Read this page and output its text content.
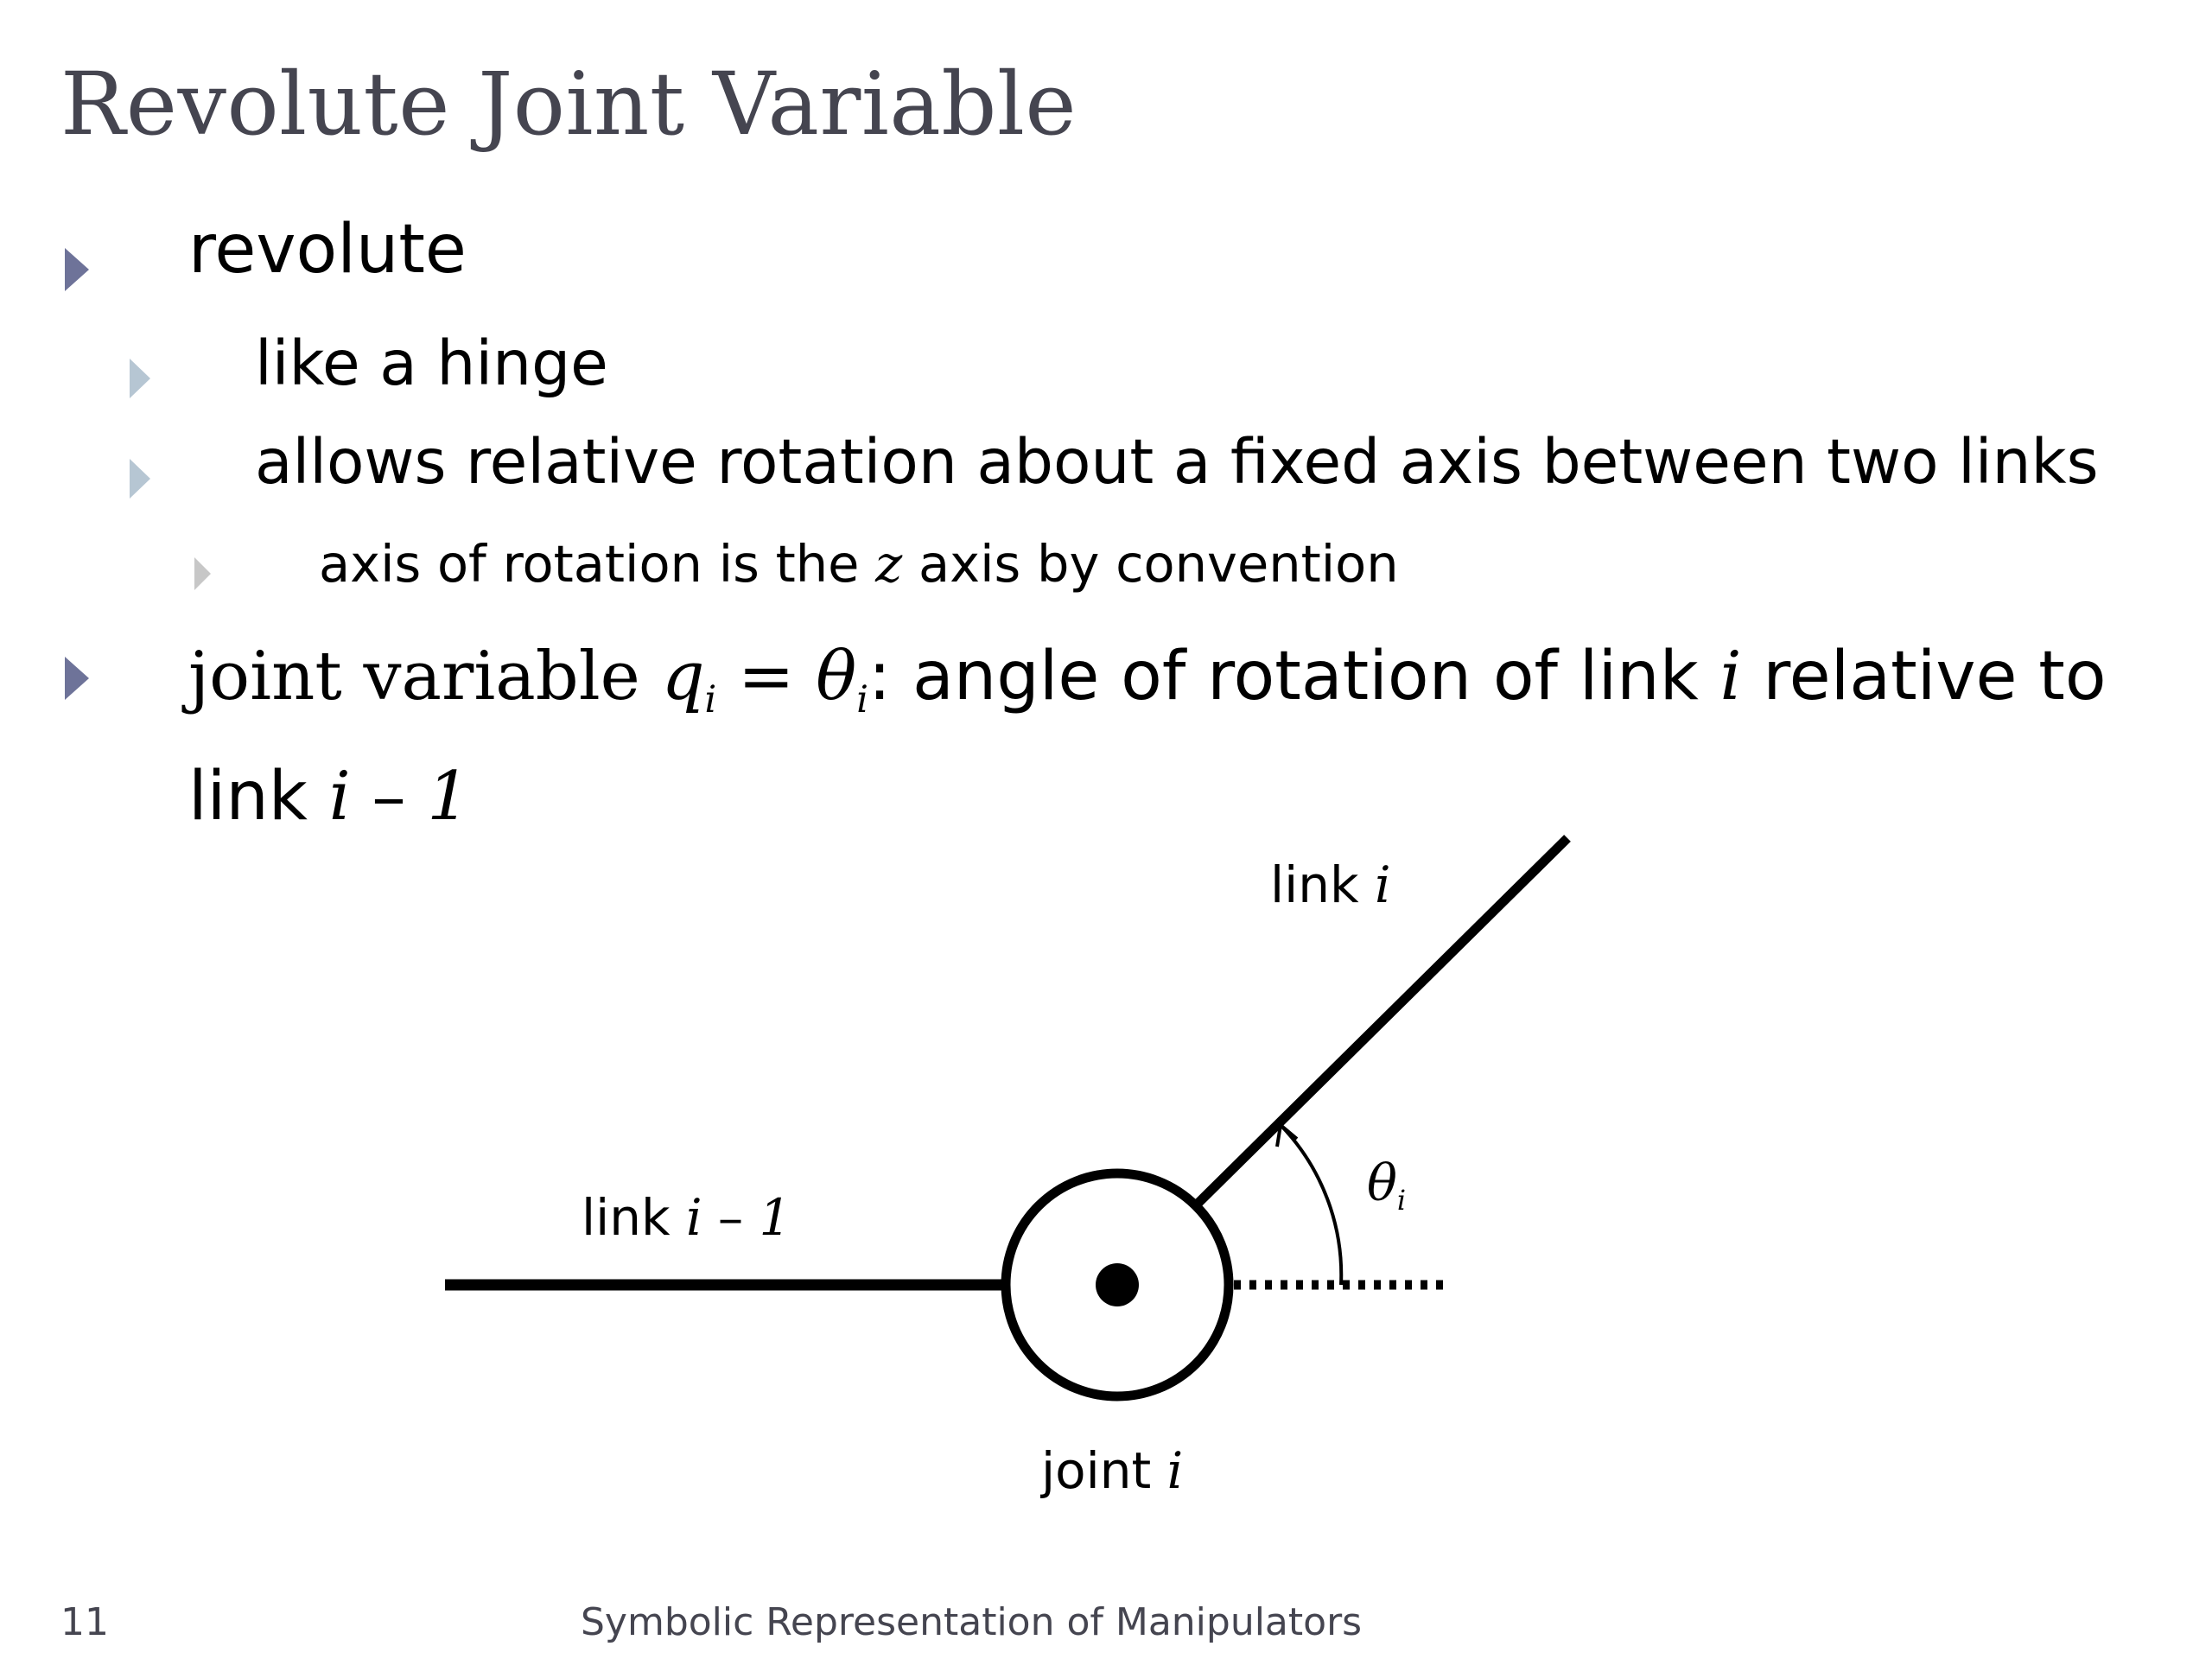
Revolute Joint Variable
revolute
like a hinge
allows relative rotation about a fixed axis between two links
axis of rotation is the z axis by convention
joint variable $q_i = \theta_i$: angle of rotation of link i relative to
link i – 1
link i – 1
link i
$\theta_i$
joint i
11	Symbolic Representation of Manipulators
